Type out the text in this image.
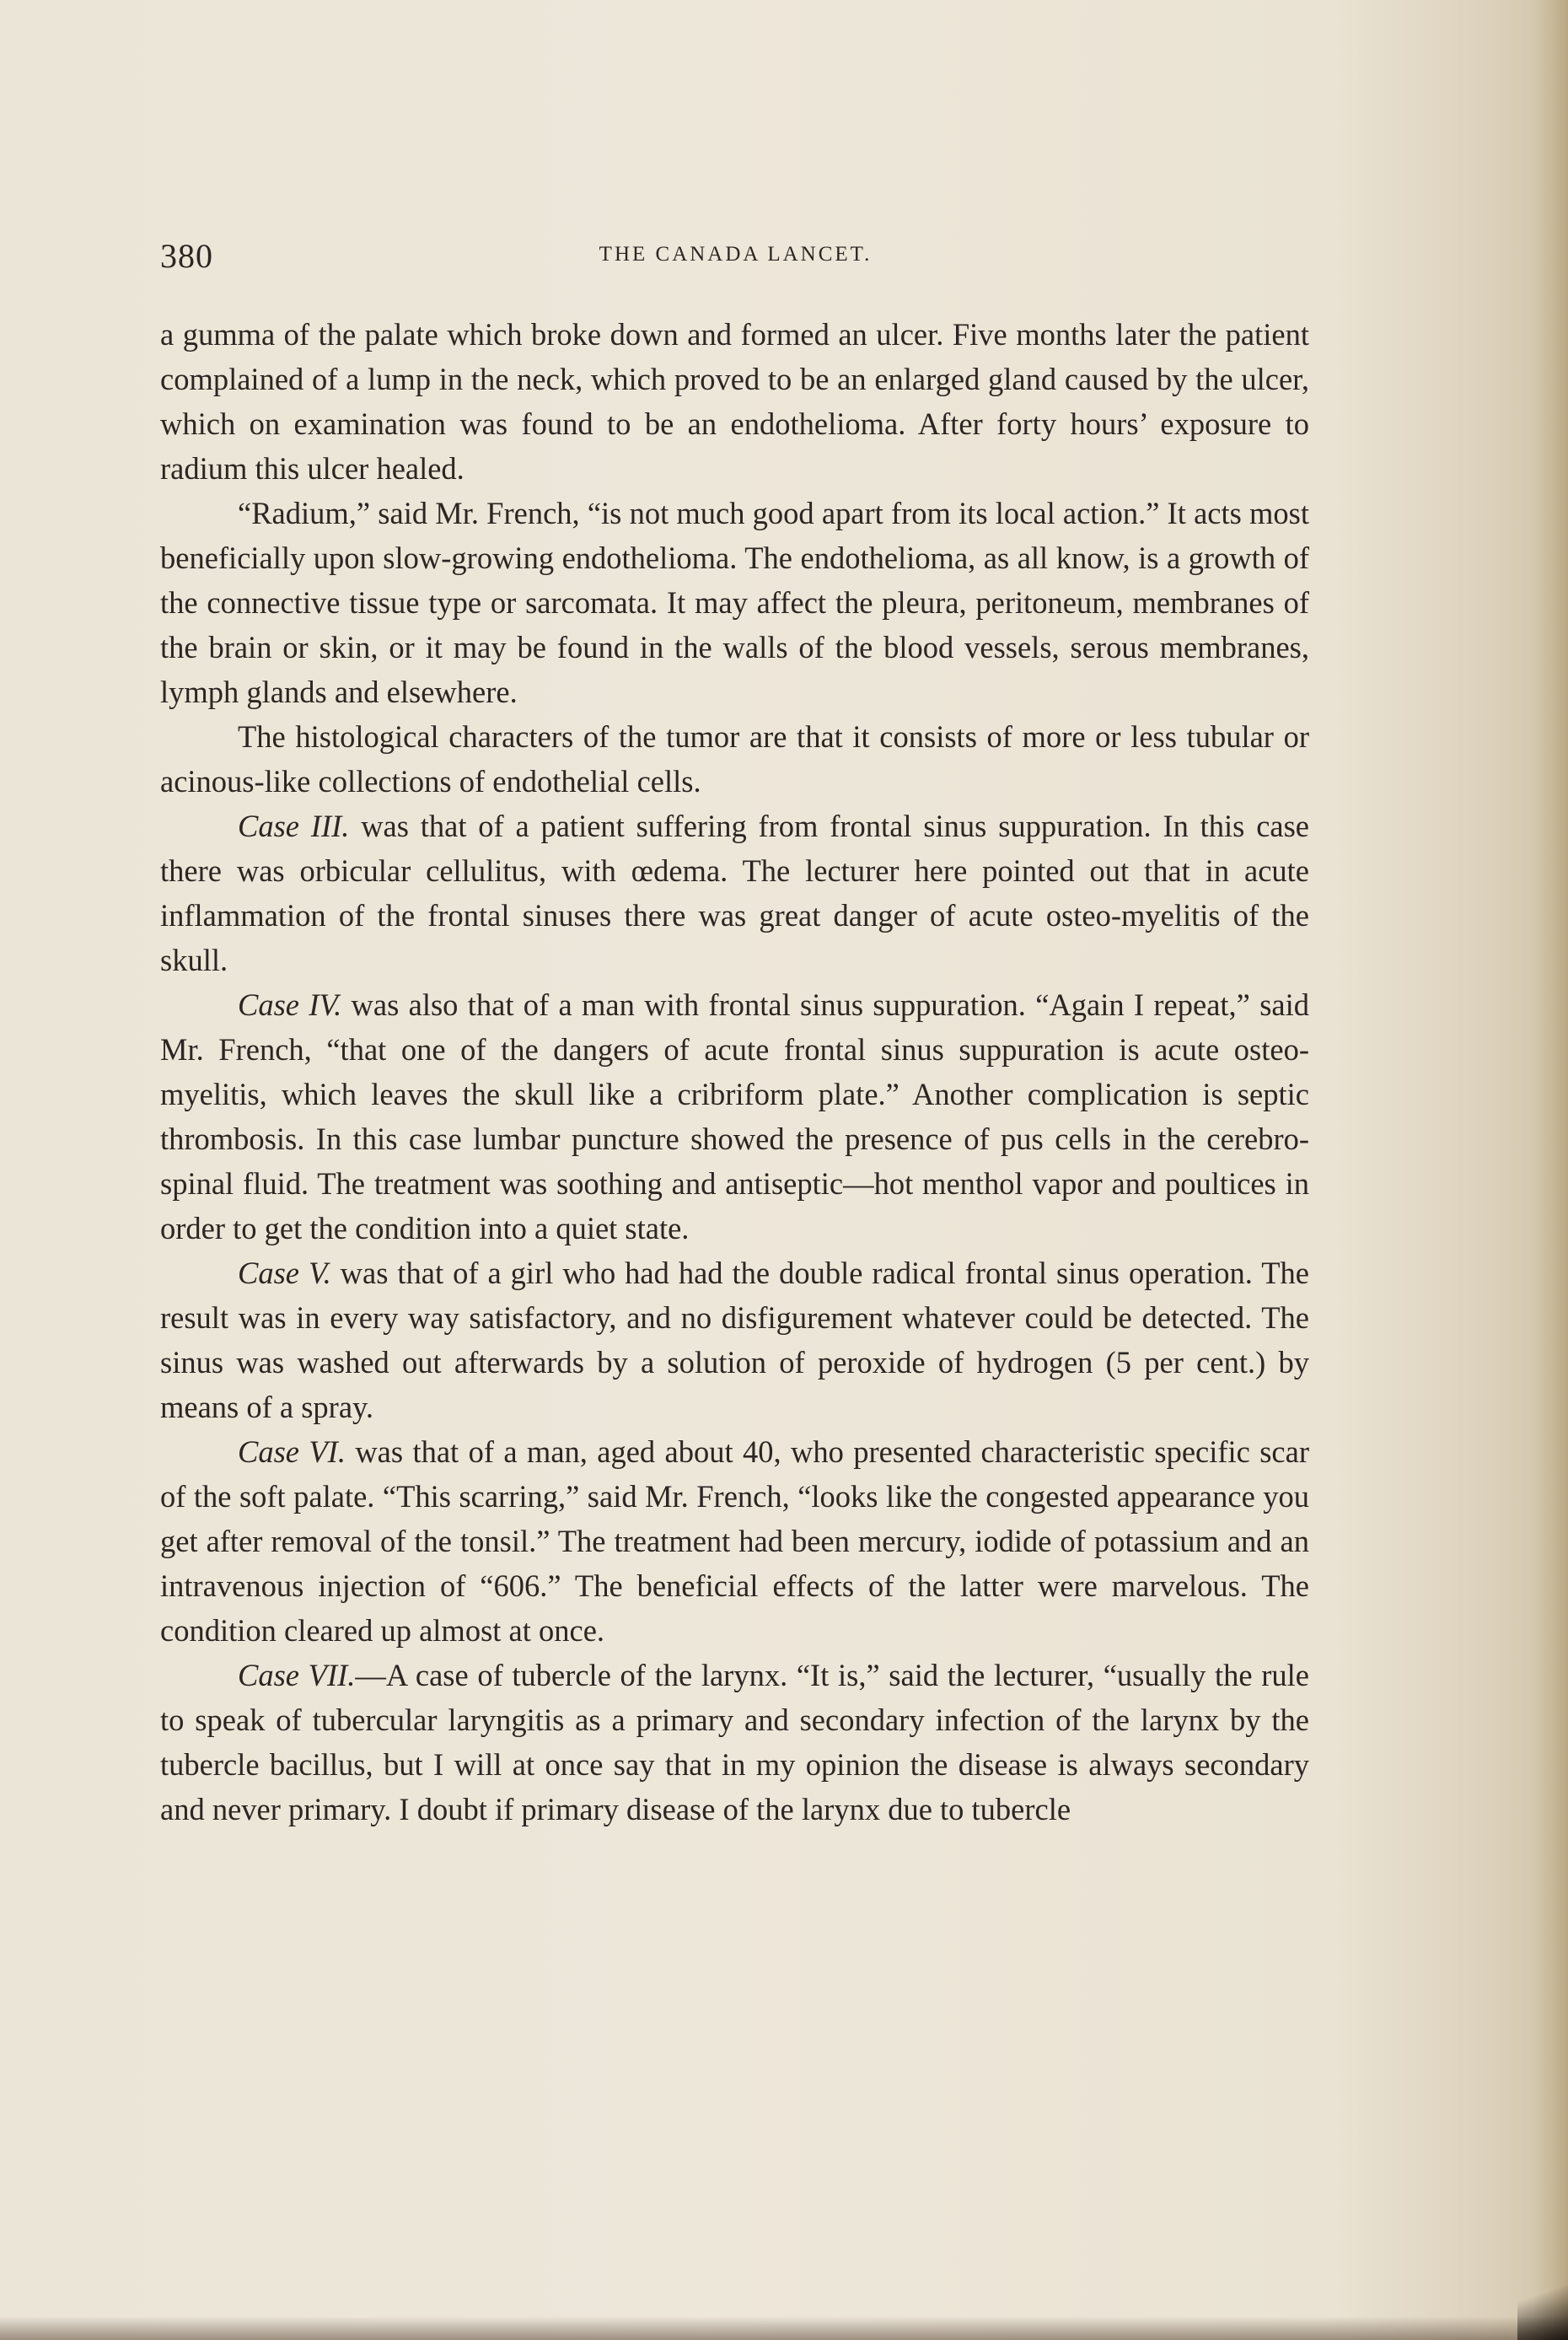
380	THE CANADA LANCET.

a gumma of the palate which broke down and formed an ulcer. Five months later the patient complained of a lump in the neck, which proved to be an enlarged gland caused by the ulcer, which on examination was found to be an endothelioma. After forty hours’ exposure to radium this ulcer healed.

“Radium,” said Mr. French, “is not much good apart from its local action.” It acts most beneficially upon slow-growing endothelioma. The endothelioma, as all know, is a growth of the connective tissue type or sarcomata. It may affect the pleura, peritoneum, membranes of the brain or skin, or it may be found in the walls of the blood vessels, serous membranes, lymph glands and elsewhere.

The histological characters of the tumor are that it consists of more or less tubular or acinous-like collections of endothelial cells.

Case III. was that of a patient suffering from frontal sinus suppuration. In this case there was orbicular cellulitus, with œdema. The lecturer here pointed out that in acute inflammation of the frontal sinuses there was great danger of acute osteo-myelitis of the skull.

Case IV. was also that of a man with frontal sinus suppuration. “Again I repeat,” said Mr. French, “that one of the dangers of acute frontal sinus suppuration is acute osteo-myelitis, which leaves the skull like a cribriform plate.” Another complication is septic thrombosis. In this case lumbar puncture showed the presence of pus cells in the cerebro-spinal fluid. The treatment was soothing and antiseptic—hot menthol vapor and poultices in order to get the condition into a quiet state.

Case V. was that of a girl who had had the double radical frontal sinus operation. The result was in every way satisfactory, and no disfigurement whatever could be detected. The sinus was washed out afterwards by a solution of peroxide of hydrogen (5 per cent.) by means of a spray.

Case VI. was that of a man, aged about 40, who presented characteristic specific scar of the soft palate. “This scarring,” said Mr. French, “looks like the congested appearance you get after removal of the tonsil.” The treatment had been mercury, iodide of potassium and an intravenous injection of “606.” The beneficial effects of the latter were marvelous. The condition cleared up almost at once.

Case VII.—A case of tubercle of the larynx. “It is,” said the lecturer, “usually the rule to speak of tubercular laryngitis as a primary and secondary infection of the larynx by the tubercle bacillus, but I will at once say that in my opinion the disease is always secondary and never primary. I doubt if primary disease of the larynx due to tubercle
